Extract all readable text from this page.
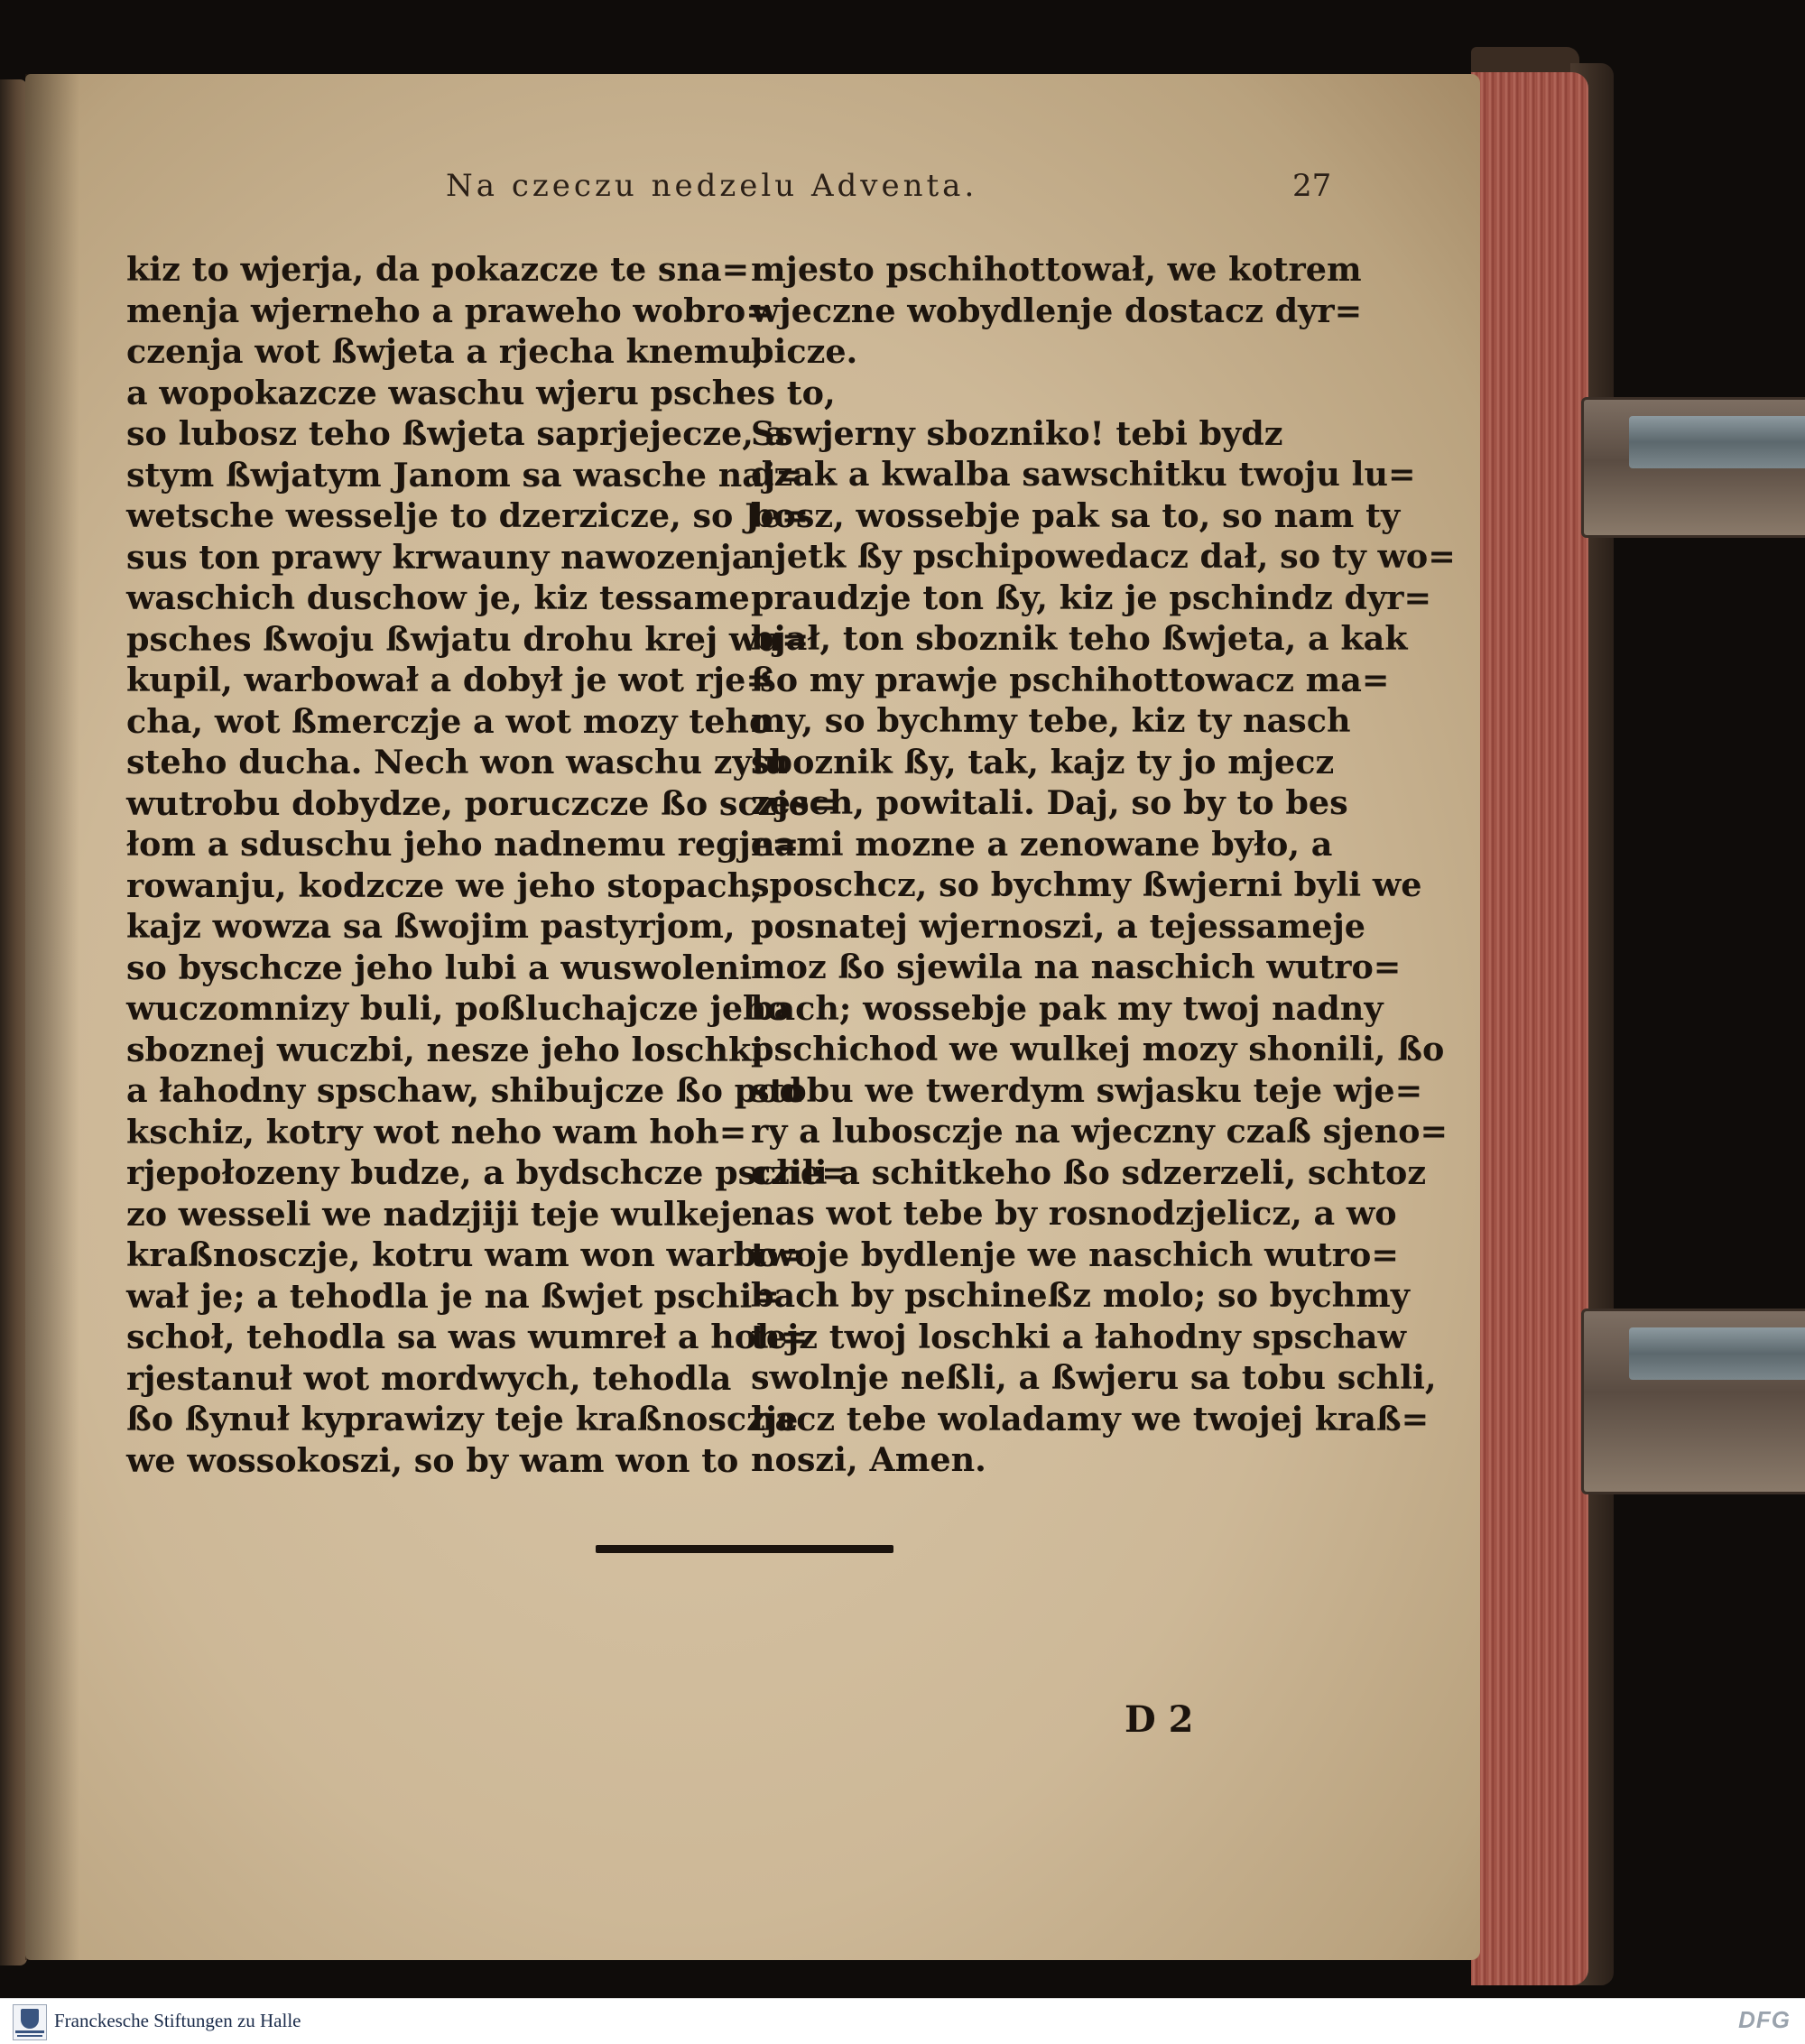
Na czeczu nedzelu Adventa.	27
kiz to wjerja, da pokazcze te sna=
menja wjerneho a praweho wobro=
czenja wot ßwjeta a rjecha knemu,
a wopokazcze waschu wjeru psches to,
so lubosz teho ßwjeta saprjejecze, a
stym ßwjatym Janom sa wasche naj=
wetsche wesselje to dzerzicze, so Je=
sus ton prawy krwauny nawozenja
waschich duschow je, kiz tessame
psches ßwoju ßwjatu drohu krej wu=
kupil, warbował a dobył je wot rje=
cha, wot ßmerczje a wot mozy teho
steho ducha. Nech won waschu zylu
wutrobu dobydze, poruczcze ßo sczje=
łom a sduschu jeho nadnemu regje=
rowanju, kodzcze we jeho stopach,
kajz wowza sa ßwojim pastyrjom,
so byschcze jeho lubi a wuswoleni
wuczomnizy buli, poßluchajcze jeho
sboznej wuczbi, nesze jeho loschki
a łahodny spschaw, shibujcze ßo pod
kschiz, kotry wot neho wam hoh=
rjepołozeny budze, a bydschcze psche=
zo wesseli we nadzjiji teje wulkeje
kraßnosczje, kotru wam won warbo=
wał je; a tehodla je na ßwjet pschi=
schoł, tehodla sa was wumreł a hoh=
rjestanuł wot mordwych, tehodla
ßo ßynuł kyprawizy teje kraßnosczje
we wossokoszi, so by wam won to
mjesto pschihottował, we kotrem
wjeczne wobydlenje dostacz dyr=
bicze.
Sswjerny sbozniko! tebi bydz
dzak a kwalba sawschitku twoju lu=
bosz, wossebje pak sa to, so nam ty
njetk ßy pschipowedacz dał, so ty wo=
praudzje ton ßy, kiz je pschindz dyr=
bjał, ton sboznik teho ßwjeta, a kak
ßo my prawje pschihottowacz ma=
my, so bychmy tebe, kiz ty nasch
sboznik ßy, tak, kajz ty jo mjecz
zesch, powitali. Daj, so by to bes
nami mozne a zenowane było, a
sposchcz, so bychmy ßwjerni byli we
posnatej wjernoszi, a tejessameje
moz ßo sjewila na naschich wutro=
bach; wossebje pak my twoj nadny
pschichod we wulkej mozy shonili, ßo
stobu we twerdym swjasku teje wje=
ry a lubosczje na wjeczny czaß sjeno=
czili a schitkeho ßo sdzerzeli, schtoz
nas wot tebe by rosnodzjelicz, a wo
twoje bydlenje we naschich wutro=
bach by pschineßz molo; so bychmy
tejz twoj loschki a łahodny spschaw
swolnje neßli, a ßwjeru sa tobu schli,
hacz tebe woladamy we twojej kraß=
noszi, Amen.
D 2
Franckesche Stiftungen zu Halle	DFG
